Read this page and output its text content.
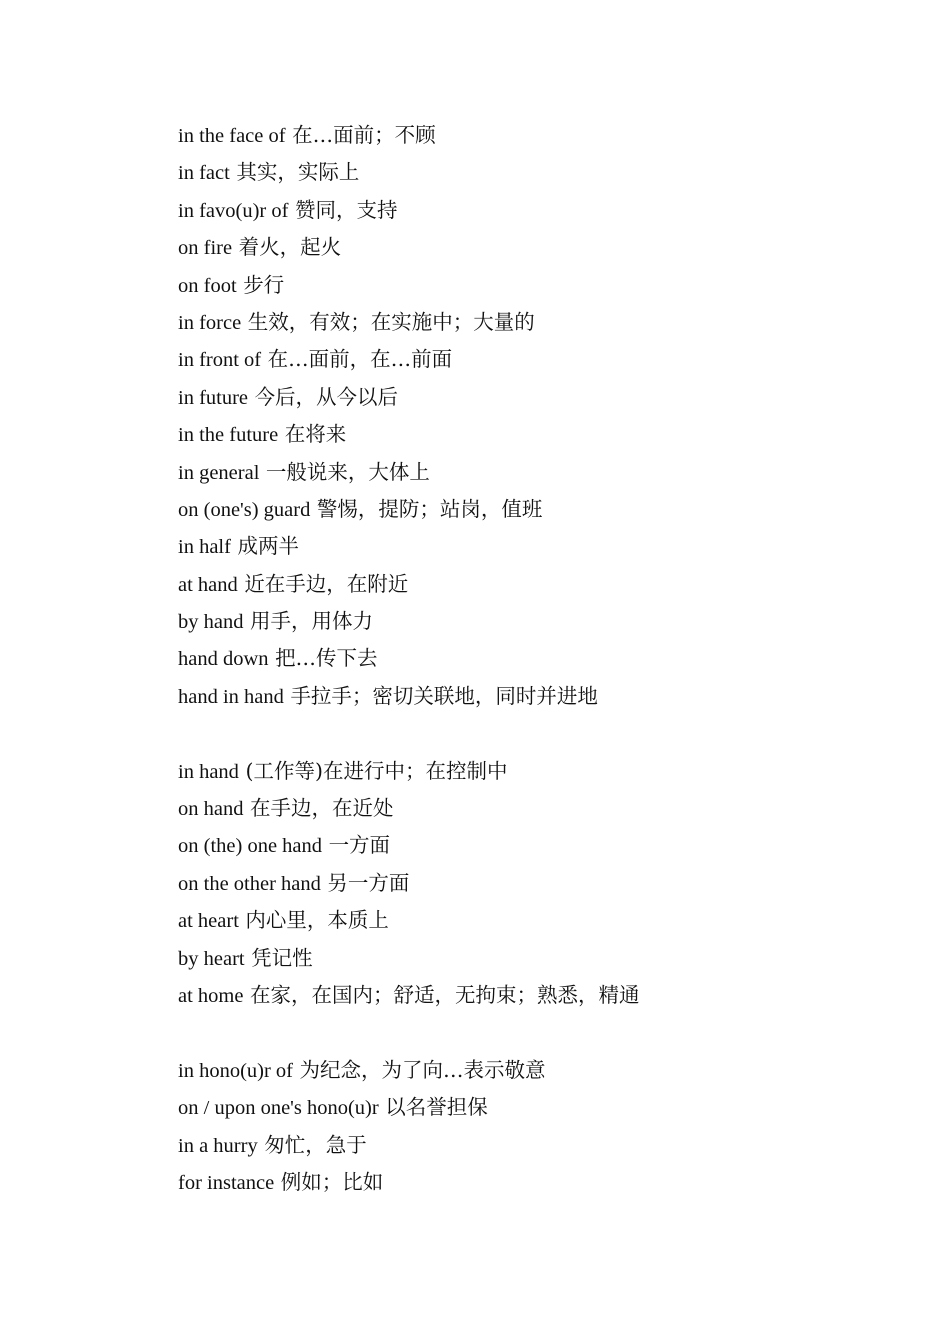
in the face of 在…面前；不顾
in fact 其实，实际上
in favo(u)r of 赞同，支持
on fire 着火，起火
on foot 步行
in force 生效，有效；在实施中；大量的
in front of 在…面前，在…前面
in future 今后，从今以后
in the future 在将来
in general 一般说来，大体上
on (one's) guard 警惕，提防；站岗，值班
in half 成两半
at hand 近在手边，在附近
by hand 用手，用体力
hand down 把…传下去
hand in hand 手拉手；密切关联地，同时并进地
in hand (工作等)在进行中；在控制中
on hand 在手边，在近处
on (the) one hand 一方面
on the other hand 另一方面
at heart 内心里，本质上
by heart 凭记性
at home 在家，在国内；舒适，无拘束；熟悉，精通
in hono(u)r of 为纪念，为了向…表示敬意
on / upon one's hono(u)r 以名誉担保
in a hurry 匆忙，急于
for instance 例如；比如
